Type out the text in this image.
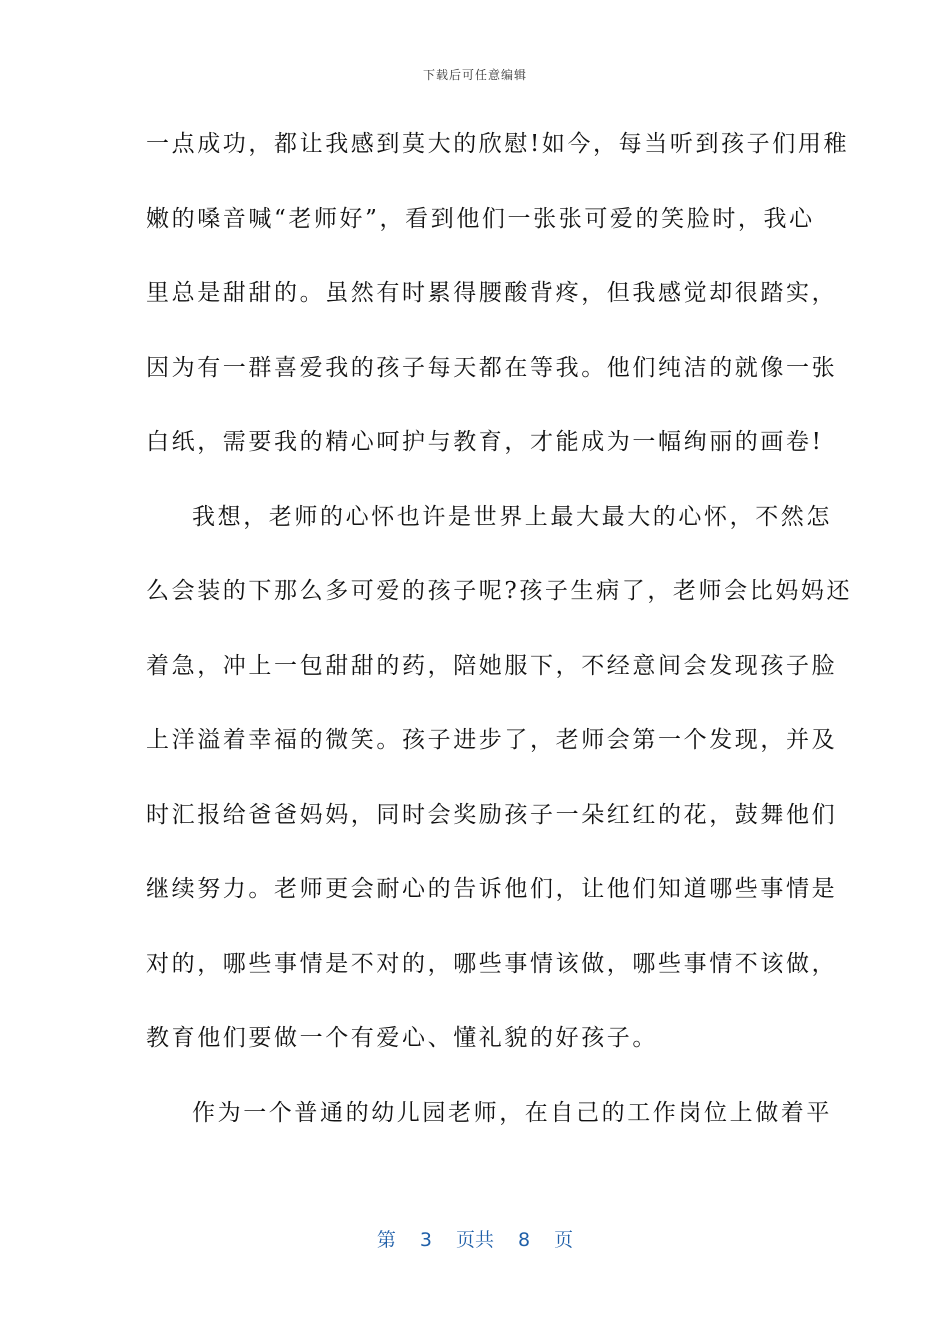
下载后可任意编辑
一点成功，都让我感到莫大的欣慰!如今，每当听到孩子们用稚
嫩的嗓音喊“老师好”，看到他们一张张可爱的笑脸时，我心
里总是甜甜的。虽然有时累得腰酸背疼，但我感觉却很踏实，
因为有一群喜爱我的孩子每天都在等我。他们纯洁的就像一张
白纸，需要我的精心呵护与教育，才能成为一幅绚丽的画卷!
我想，老师的心怀也许是世界上最大最大的心怀，不然怎
么会装的下那么多可爱的孩子呢?孩子生病了，老师会比妈妈还
着急，冲上一包甜甜的药，陪她服下，不经意间会发现孩子脸
上洋溢着幸福的微笑。孩子进步了，老师会第一个发现，并及
时汇报给爸爸妈妈，同时会奖励孩子一朵红红的花，鼓舞他们
继续努力。老师更会耐心的告诉他们，让他们知道哪些事情是
对的，哪些事情是不对的，哪些事情该做，哪些事情不该做，
教育他们要做一个有爱心、懂礼貌的好孩子。
作为一个普通的幼儿园老师，在自己的工作岗位上做着平
第 3 页共 8 页
